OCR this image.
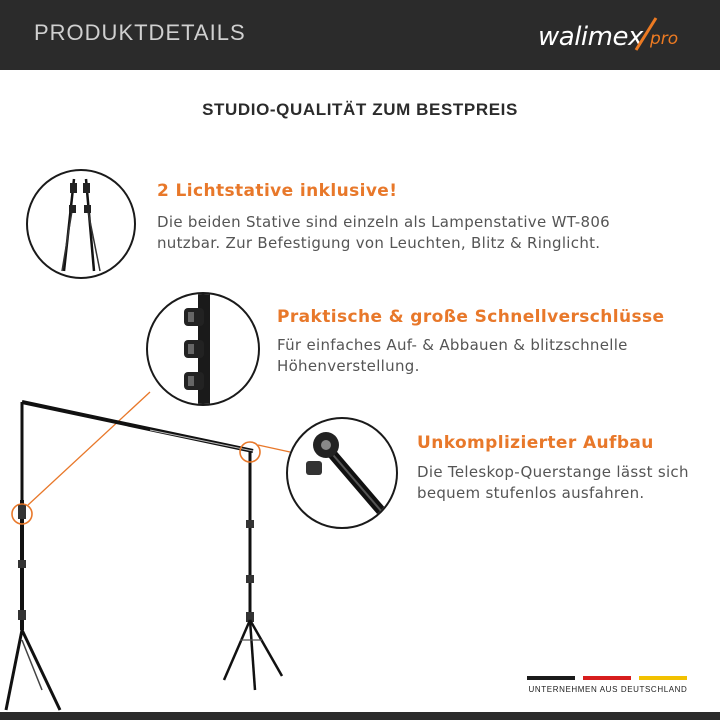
PRODUKTDETAILS	walimex pro
STUDIO-QUALITÄT ZUM BESTPREIS
2 Lichtstative inklusive!
Die beiden Stative sind einzeln als Lampenstative WT-806 nutzbar. Zur Befestigung von Leuchten, Blitz & Ringlicht.
Praktische & große Schnellverschlüsse
Für einfaches Auf- & Abbauen & blitzschnelle Höhenverstellung.
Unkomplizierter Aufbau
Die Teleskop-Querstange lässt sich bequem stufenlos ausfahren.
UNTERNEHMEN AUS DEUTSCHLAND
